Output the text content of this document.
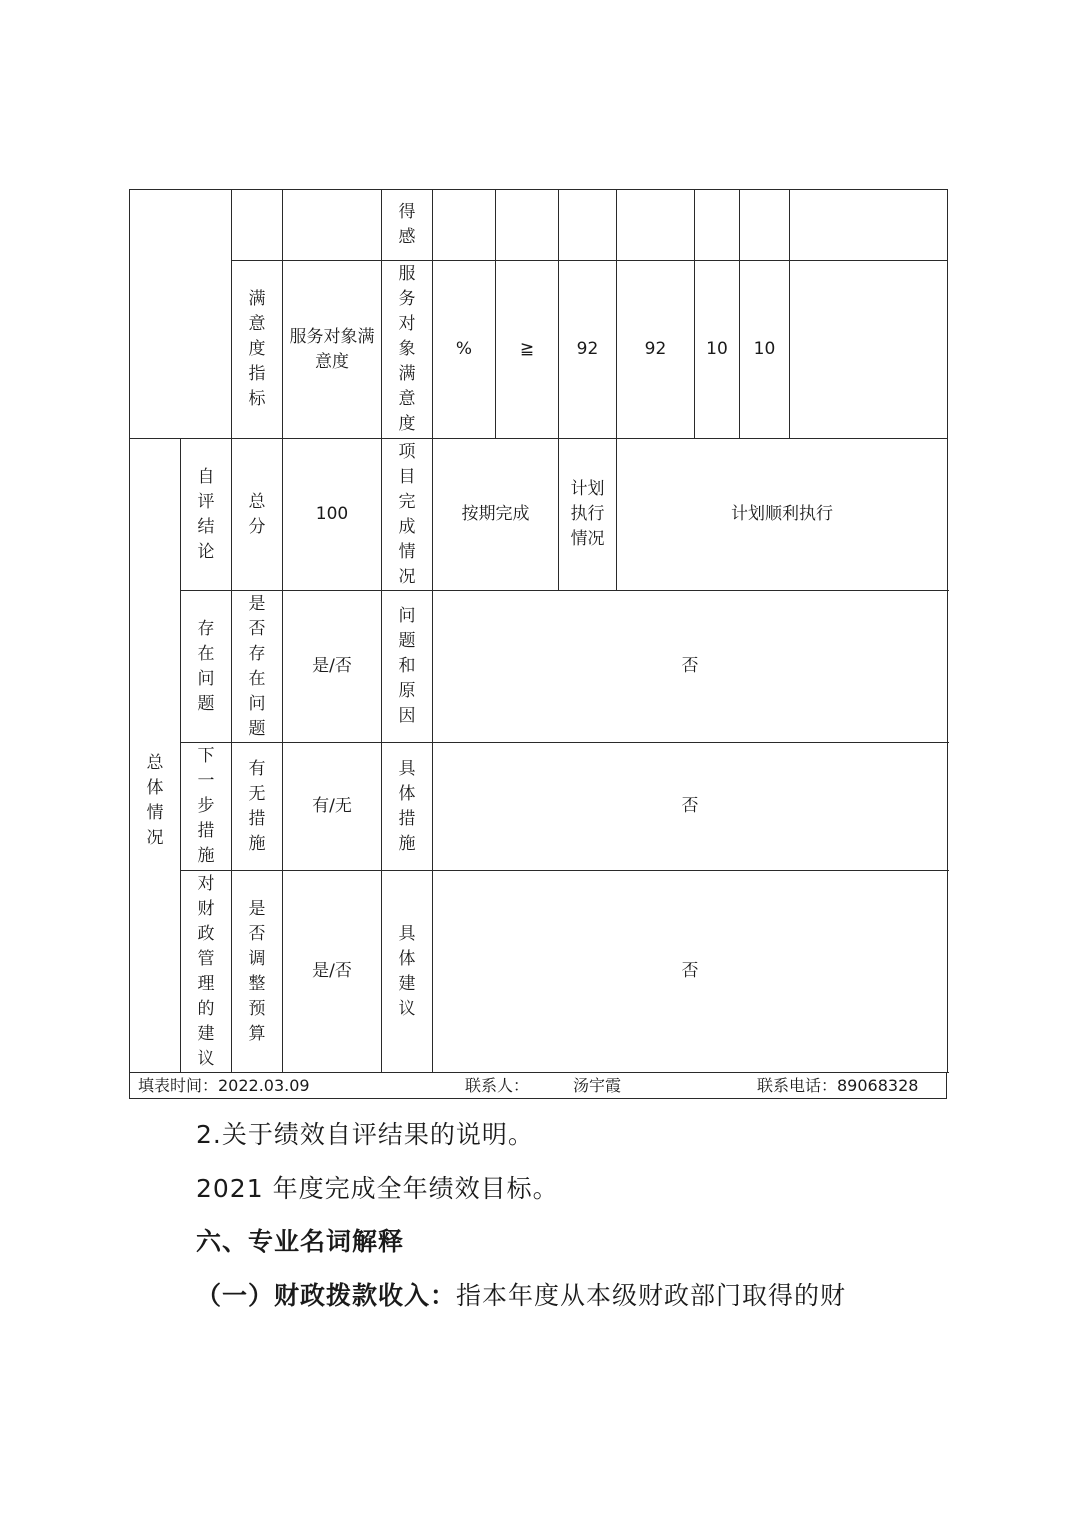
				得感							
		满意度指标	服务对象满意度	服务对象满意度	%	≧	92	92	10	10	
总体情况	自评结论	总分	100	项目完成情况	按期完成		计划执行情况	计划顺利执行			
	存在问题	是否存在问题	是/否	问题和原因	否						
	下一步措施	有无措施	有/无	具体措施	否						
	对财政管理的建议	是否调整预算	是/否	具体建议	否						
填表时间：2022.03.09	联系人：	汤宇霞	联系电话：89068328
2.关于绩效自评结果的说明。
2021 年度完成全年绩效目标。
六、专业名词解释
（一）财政拨款收入：指本年度从本级财政部门取得的财
